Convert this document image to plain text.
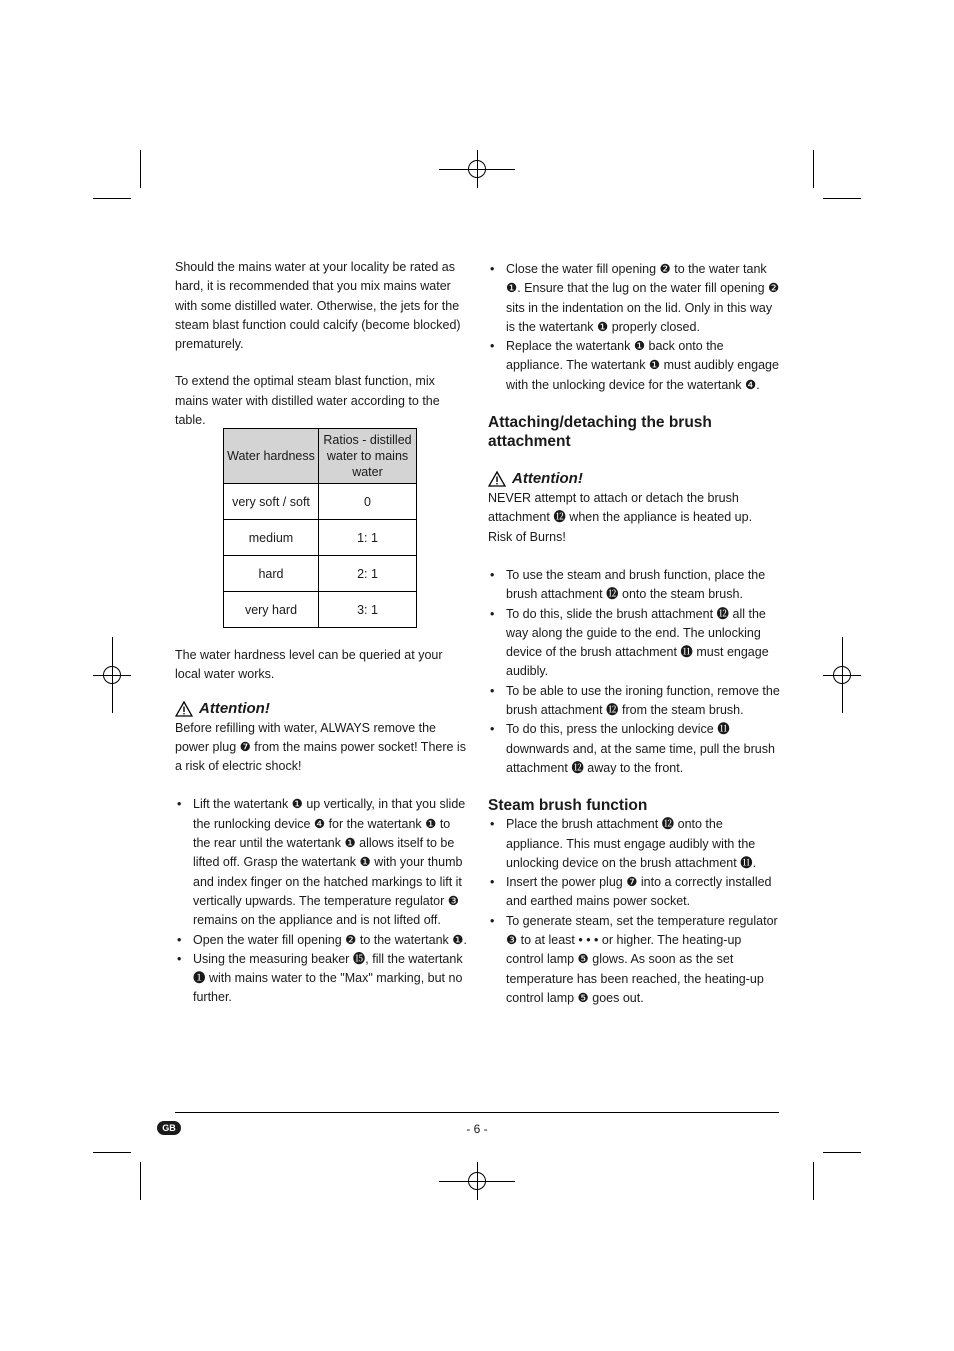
Should the mains water at your locality be rated as hard, it is recommended that you mix mains water with some distilled water. Otherwise, the jets for the steam blast function could calcify (become blocked) prematurely.

To extend the optimal steam blast function, mix mains water with distilled water according to the table.

Water hardness	Ratios - distilled water to mains water
very soft / soft	0
medium	1: 1
hard	2: 1
very hard	3: 1

The water hardness level can be queried at your local water works.

Attention!

Before refilling with water, ALWAYS remove the power plug ❼ from the mains power socket! There is a risk of electric shock!

• Lift the watertank ❶ up vertically, in that you slide the runlocking device ❹ for the watertank ❶ to the rear until the watertank ❶ allows itself to be lifted off. Grasp the watertank ❶ with your thumb and index finger on the hatched markings to lift it vertically upwards. The temperature regulator ❸ remains on the appliance and is not lifted off.
• Open the water fill opening ❷ to the watertank ❶.
• Using the measuring beaker ⓯, fill the watertank ❶ with mains water to the "Max" marking, but no further.
• Close the water fill opening ❷ to the water tank ❶. Ensure that the lug on the water fill opening ❷ sits in the indentation on the lid. Only in this way is the watertank ❶ properly closed.
• Replace the watertank ❶ back onto the appliance. The watertank ❶ must audibly engage with the unlocking device for the watertank ❹.
Attaching/detaching the brush attachment
Attention!

NEVER attempt to attach or detach the brush attachment ⓬ when the appliance is heated up.

Risk of Burns!

• To use the steam and brush function, place the brush attachment ⓬ onto the steam brush.
• To do this, slide the brush attachment ⓬ all the way along the guide to the end. The unlocking device of the brush attachment ⓫ must engage audibly.
• To be able to use the ironing function, remove the brush attachment ⓬ from the steam brush.
• To do this, press the unlocking device ⓫ downwards and, at the same time, pull the brush attachment ⓬ away to the front.
Steam brush function
• Place the brush attachment ⓬ onto the appliance. This must engage audibly with the unlocking device on the brush attachment ⓫.
• Insert the power plug ❼ into a correctly installed and earthed mains power socket.
• To generate steam, set the temperature regulator ❸ to at least • • • or higher. The heating-up control lamp ❺ glows. As soon as the set temperature has been reached, the heating-up control lamp ❺ goes out.
GB	- 6 -
